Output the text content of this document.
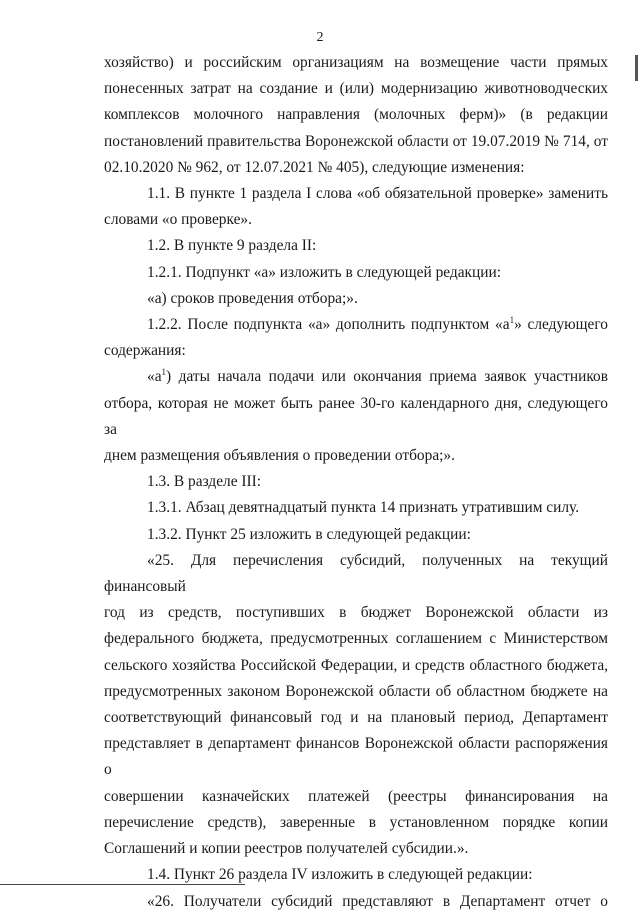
2
хозяйство) и российским организациям на возмещение части прямых
понесенных затрат на создание и (или) модернизацию животноводческих
комплексов молочного направления (молочных ферм)» (в редакции
постановлений правительства Воронежской области от 19.07.2019 № 714, от
02.10.2020 № 962, от 12.07.2021 № 405), следующие изменения:
1.1. В пункте 1 раздела I слова «об обязательной проверке» заменить
словами «о проверке».
1.2. В пункте 9 раздела II:
1.2.1. Подпункт «а» изложить в следующей редакции:
«а) сроков проведения отбора;».
1.2.2. После подпункта «а» дополнить подпунктом «$а^1$» следующего
содержания:
«$а^1$) даты начала подачи или окончания приема заявок участников
отбора, которая не может быть ранее 30-го календарного дня, следующего за
днем размещения объявления о проведении отбора;».
1.3. В разделе III:
1.3.1. Абзац девятнадцатый пункта 14 признать утратившим силу.
1.3.2. Пункт 25 изложить в следующей редакции:
«25. Для перечисления субсидий, полученных на текущий финансовый
год из средств, поступивших в бюджет Воронежской области из
федерального бюджета, предусмотренных соглашением с Министерством
сельского хозяйства Российской Федерации, и средств областного бюджета,
предусмотренных законом Воронежской области об областном бюджете на
соответствующий финансовый год и на плановый период, Департамент
представляет в департамент финансов Воронежской области распоряжения о
совершении казначейских платежей (реестры финансирования на
перечисление средств), заверенные в установленном порядке копии
Соглашений и копии реестров получателей субсидии.».
1.4. Пункт 26 раздела IV изложить в следующей редакции:
«26. Получатели субсидий представляют в Департамент отчет о
